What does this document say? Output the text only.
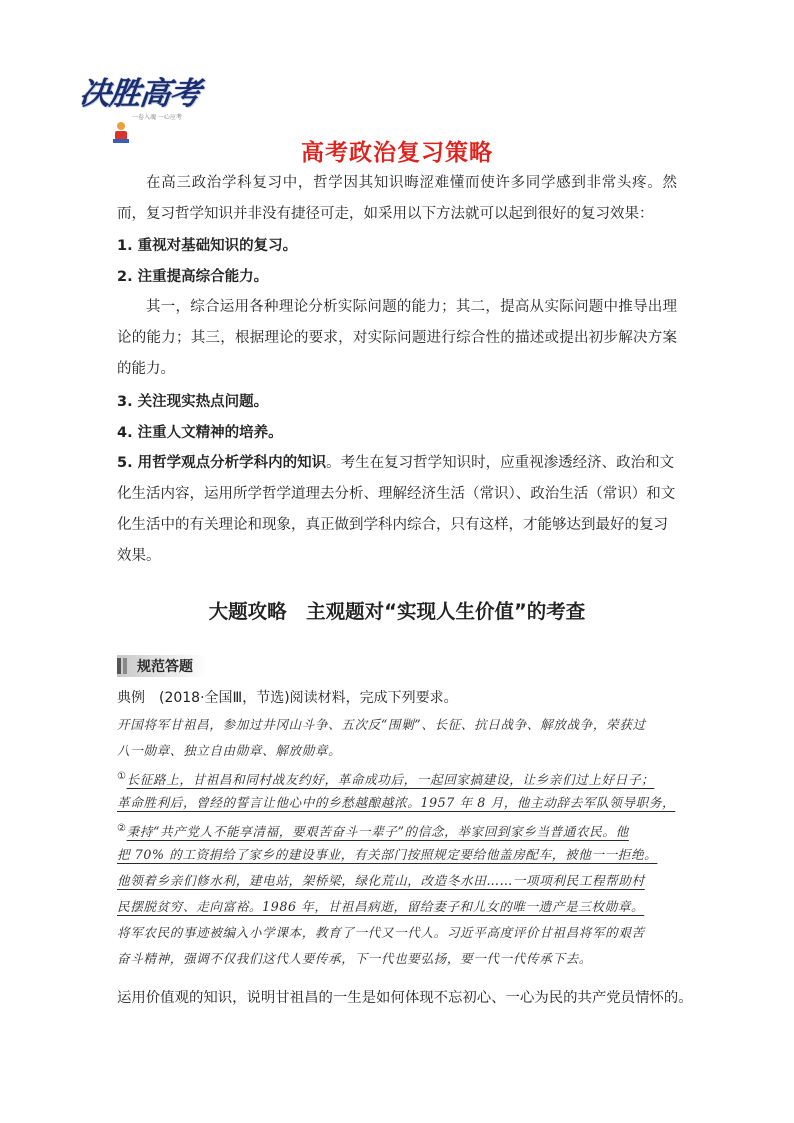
决胜高考
一卷入魂 一心应考
高考政治复习策略
在高三政治学科复习中，哲学因其知识晦涩难懂而使许多同学感到非常头疼。然而，复习哲学知识并非没有捷径可走，如采用以下方法就可以起到很好的复习效果：
1. 重视对基础知识的复习。
2. 注重提高综合能力。
其一，综合运用各种理论分析实际问题的能力；其二，提高从实际问题中推导出理论的能力；其三，根据理论的要求，对实际问题进行综合性的描述或提出初步解决方案的能力。
3. 关注现实热点问题。
4. 注重人文精神的培养。
5. 用哲学观点分析学科内的知识。考生在复习哲学知识时，应重视渗透经济、政治和文化生活内容，运用所学哲学道理去分析、理解经济生活（常识）、政治生活（常识）和文化生活中的有关理论和现象，真正做到学科内综合，只有这样，才能够达到最好的复习效果。
大题攻略　主观题对“实现人生价值”的考查
规范答题
典例　(2018·全国Ⅲ，节选)阅读材料，完成下列要求。
开国将军甘祖昌，参加过井冈山斗争、五次反“围剿”、长征、抗日战争、解放战争，荣获过
八一勋章、独立自由勋章、解放勋章。
①长征路上，甘祖昌和同村战友约好，革命成功后，一起回家搞建设，让乡亲们过上好日子；
革命胜利后，曾经的誓言让他心中的乡愁越酿越浓。1957 年 8 月，他主动辞去军队领导职务，
②秉持“共产党人不能享清福，要艰苦奋斗一辈子”的信念，举家回到家乡当普通农民。他
把 70% 的工资捐给了家乡的建设事业，有关部门按照规定要给他盖房配车，被他一一拒绝。
他领着乡亲们修水利，建电站，架桥梁，绿化荒山，改造冬水田……一项项利民工程帮助村
民摆脱贫穷、走向富裕。1986 年，甘祖昌病逝，留给妻子和儿女的唯一遗产是三枚勋章。
将军农民的事迹被编入小学课本，教育了一代又一代人。习近平高度评价甘祖昌将军的艰苦
奋斗精神，强调不仅我们这代人要传承，下一代也要弘扬，要一代一代传承下去。
运用价值观的知识，说明甘祖昌的一生是如何体现不忘初心、一心为民的共产党员情怀的。
